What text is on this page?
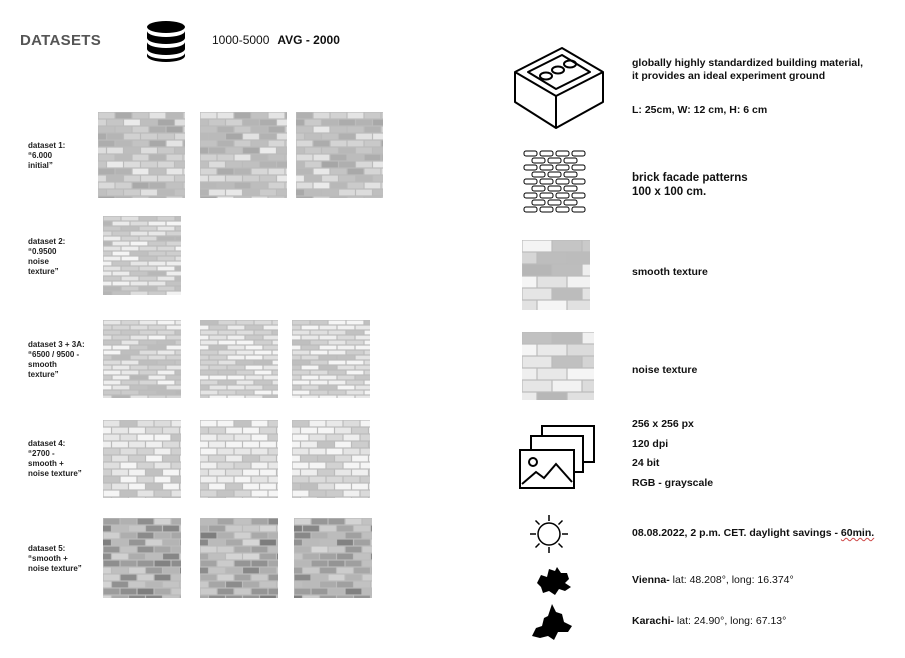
DATASETS	1000-5000 AVG - 2000
dataset 1:
“6.000
initial”
dataset 2:
“0.9500
noise
texture”
dataset 3 + 3A:
“6500 / 9500 -
smooth
texture”
dataset 4:
“2700 -
smooth +
noise texture”
dataset 5:
“smooth +
noise texture”
globally highly standardized building material,
it provides an ideal experiment ground
L: 25cm, W: 12 cm, H: 6 cm
brick facade patterns
100 x 100 cm.
smooth texture
noise texture
256 x 256 px
120 dpi
24 bit
RGB - grayscale
08.08.2022, 2 p.m. CET. daylight savings - 60min.
Vienna- lat: 48.208°, long: 16.374°
Karachi- lat: 24.90°, long: 67.13°
